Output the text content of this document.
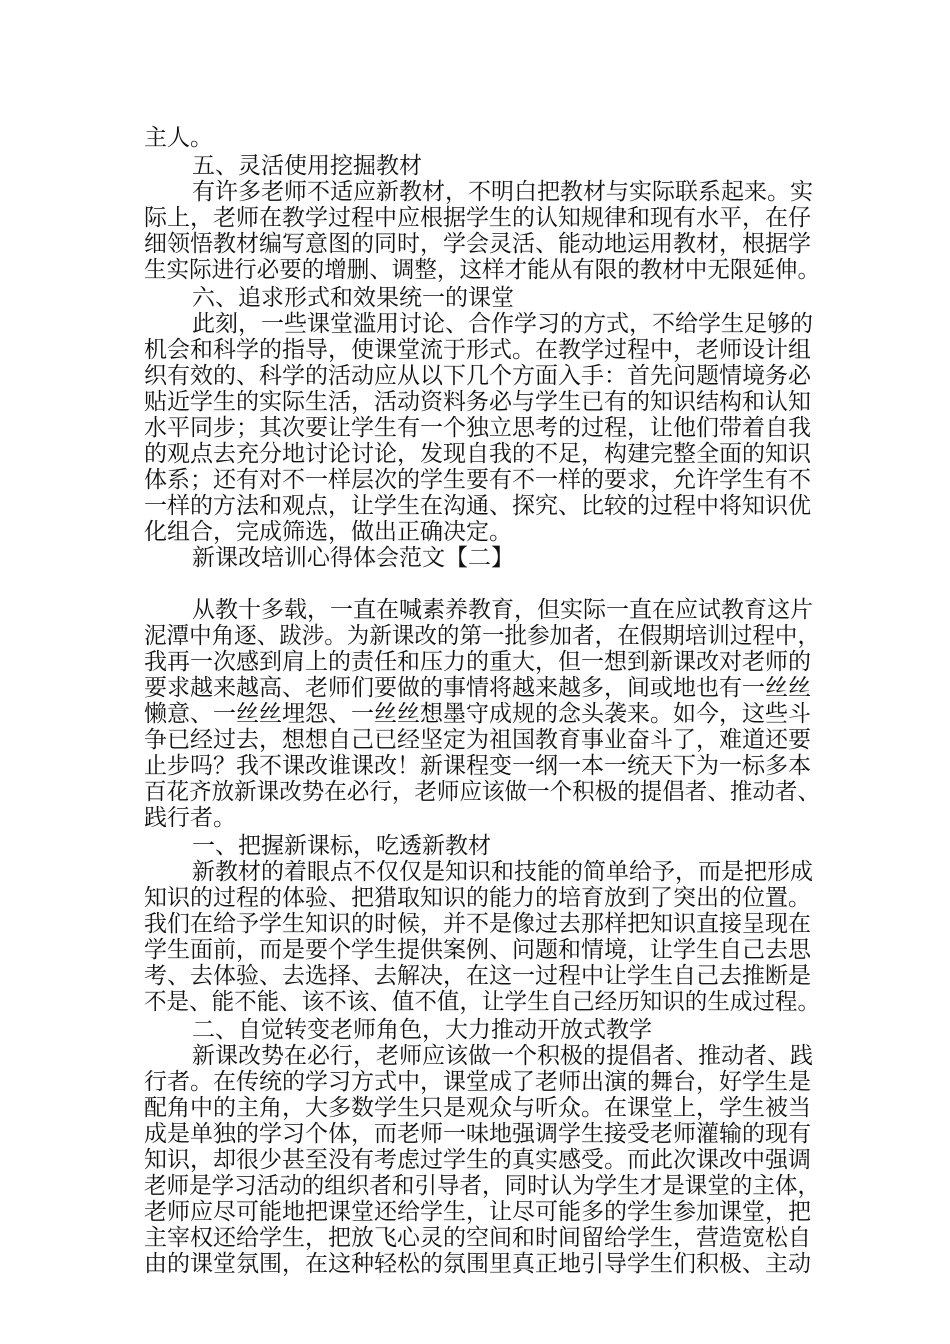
主人。
五、灵活使用挖掘教材
有许多老师不适应新教材，不明白把教材与实际联系起来。实
际上，老师在教学过程中应根据学生的认知规律和现有水平，在仔
细领悟教材编写意图的同时，学会灵活、能动地运用教材，根据学
生实际进行必要的增删、调整，这样才能从有限的教材中无限延伸。
六、追求形式和效果统一的课堂
此刻，一些课堂滥用讨论、合作学习的方式，不给学生足够的
机会和科学的指导，使课堂流于形式。在教学过程中，老师设计组
织有效的、科学的活动应从以下几个方面入手：首先问题情境务必
贴近学生的实际生活，活动资料务必与学生已有的知识结构和认知
水平同步；其次要让学生有一个独立思考的过程，让他们带着自我
的观点去充分地讨论讨论，发现自我的不足，构建完整全面的知识
体系；还有对不一样层次的学生要有不一样的要求，允许学生有不
一样的方法和观点，让学生在沟通、探究、比较的过程中将知识优
化组合，完成筛选，做出正确决定。
新课改培训心得体会范文【二】
从教十多载，一直在喊素养教育，但实际一直在应试教育这片
泥潭中角逐、跋涉。为新课改的第一批参加者，在假期培训过程中，
我再一次感到肩上的责任和压力的重大，但一想到新课改对老师的
要求越来越高、老师们要做的事情将越来越多，间或地也有一丝丝
懒意、一丝丝埋怨、一丝丝想墨守成规的念头袭来。如今，这些斗
争已经过去，想想自己已经坚定为祖国教育事业奋斗了，难道还要
止步吗？我不课改谁课改！新课程变一纲一本一统天下为一标多本
百花齐放新课改势在必行，老师应该做一个积极的提倡者、推动者、
践行者。
一、把握新课标，吃透新教材
新教材的着眼点不仅仅是知识和技能的简单给予，而是把形成
知识的过程的体验、把猎取知识的能力的培育放到了突出的位置。
我们在给予学生知识的时候，并不是像过去那样把知识直接呈现在
学生面前，而是要个学生提供案例、问题和情境，让学生自己去思
考、去体验、去选择、去解决，在这一过程中让学生自己去推断是
不是、能不能、该不该、值不值，让学生自己经历知识的生成过程。
二、自觉转变老师角色，大力推动开放式教学
新课改势在必行，老师应该做一个积极的提倡者、推动者、践
行者。在传统的学习方式中，课堂成了老师出演的舞台，好学生是
配角中的主角，大多数学生只是观众与听众。在课堂上，学生被当
成是单独的学习个体，而老师一味地强调学生接受老师灌输的现有
知识，却很少甚至没有考虑过学生的真实感受。而此次课改中强调
老师是学习活动的组织者和引导者，同时认为学生才是课堂的主体，
老师应尽可能地把课堂还给学生，让尽可能多的学生参加课堂，把
主宰权还给学生，把放飞心灵的空间和时间留给学生，营造宽松自
由的课堂氛围，在这种轻松的氛围里真正地引导学生们积极、主动
